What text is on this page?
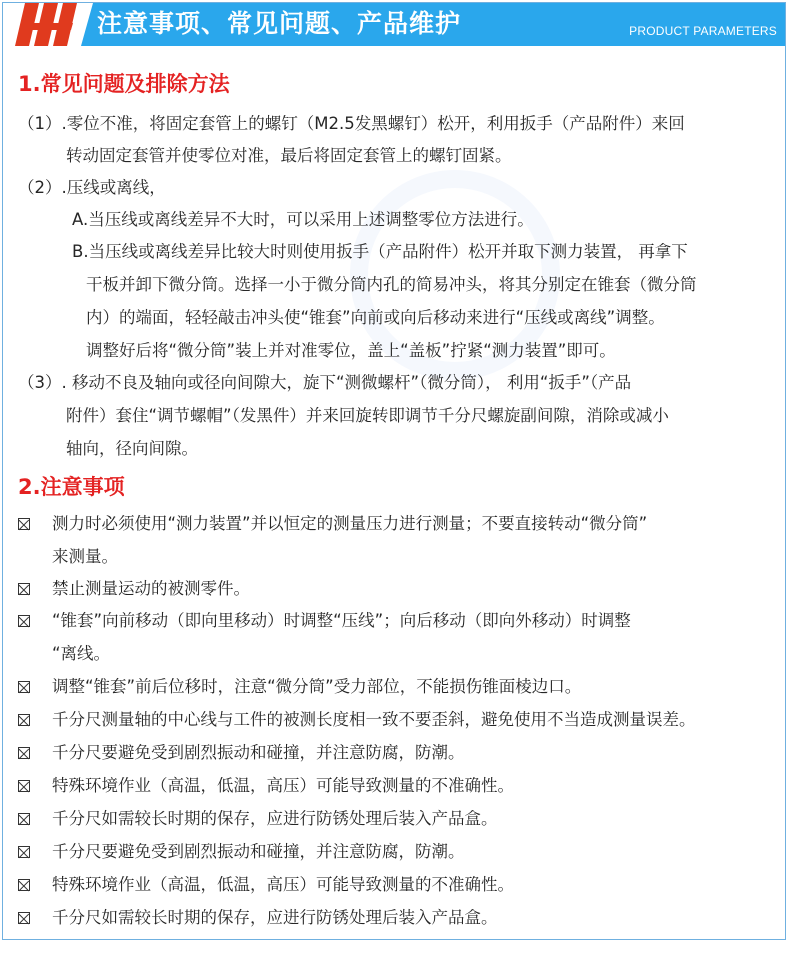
注意事项、常见问题、产品维护	PRODUCT PARAMETERS
1.常见问题及排除方法
（1）.零位不准，将固定套管上的螺钉（M2.5发黑螺钉）松开，利用扳手（产品附件）来回
转动固定套管并使零位对准，最后将固定套管上的螺钉固紧。
（2）.压线或离线，
A.当压线或离线差异不大时，可以采用上述调整零位方法进行。
B.当压线或离线差异比较大时则使用扳手（产品附件）松开并取下测力装置， 再拿下
干板并卸下微分筒。选择一小于微分筒内孔的简易冲头，将其分别定在锥套（微分筒
内）的端面，轻轻敲击冲头使“锥套”向前或向后移动来进行“压线或离线”调整。
调整好后将“微分筒”装上并对准零位，盖上“盖板”拧紧“测力装置”即可。
（3）. 移动不良及轴向或径向间隙大，旋下“测微螺杆”（微分筒）， 利用“扳手”（产品
附件）套住“调节螺帽”（发黑件）并来回旋转即调节千分尺螺旋副间隙，消除或减小
轴向，径向间隙。
2.注意事项
测力时必须使用“测力装置”并以恒定的测量压力进行测量；不要直接转动“微分筒”
来测量。
禁止测量运动的被测零件。
“锥套”向前移动（即向里移动）时调整“压线”；向后移动（即向外移动）时调整
“离线。
调整“锥套”前后位移时，注意“微分筒”受力部位，不能损伤锥面棱边口。
千分尺测量轴的中心线与工件的被测长度相一致不要歪斜，避免使用不当造成测量误差。
千分尺要避免受到剧烈振动和碰撞，并注意防腐，防潮。
特殊环境作业（高温，低温，高压）可能导致测量的不准确性。
千分尺如需较长时期的保存，应进行防锈处理后装入产品盒。
千分尺要避免受到剧烈振动和碰撞，并注意防腐，防潮。
特殊环境作业（高温，低温，高压）可能导致测量的不准确性。
千分尺如需较长时期的保存，应进行防锈处理后装入产品盒。
